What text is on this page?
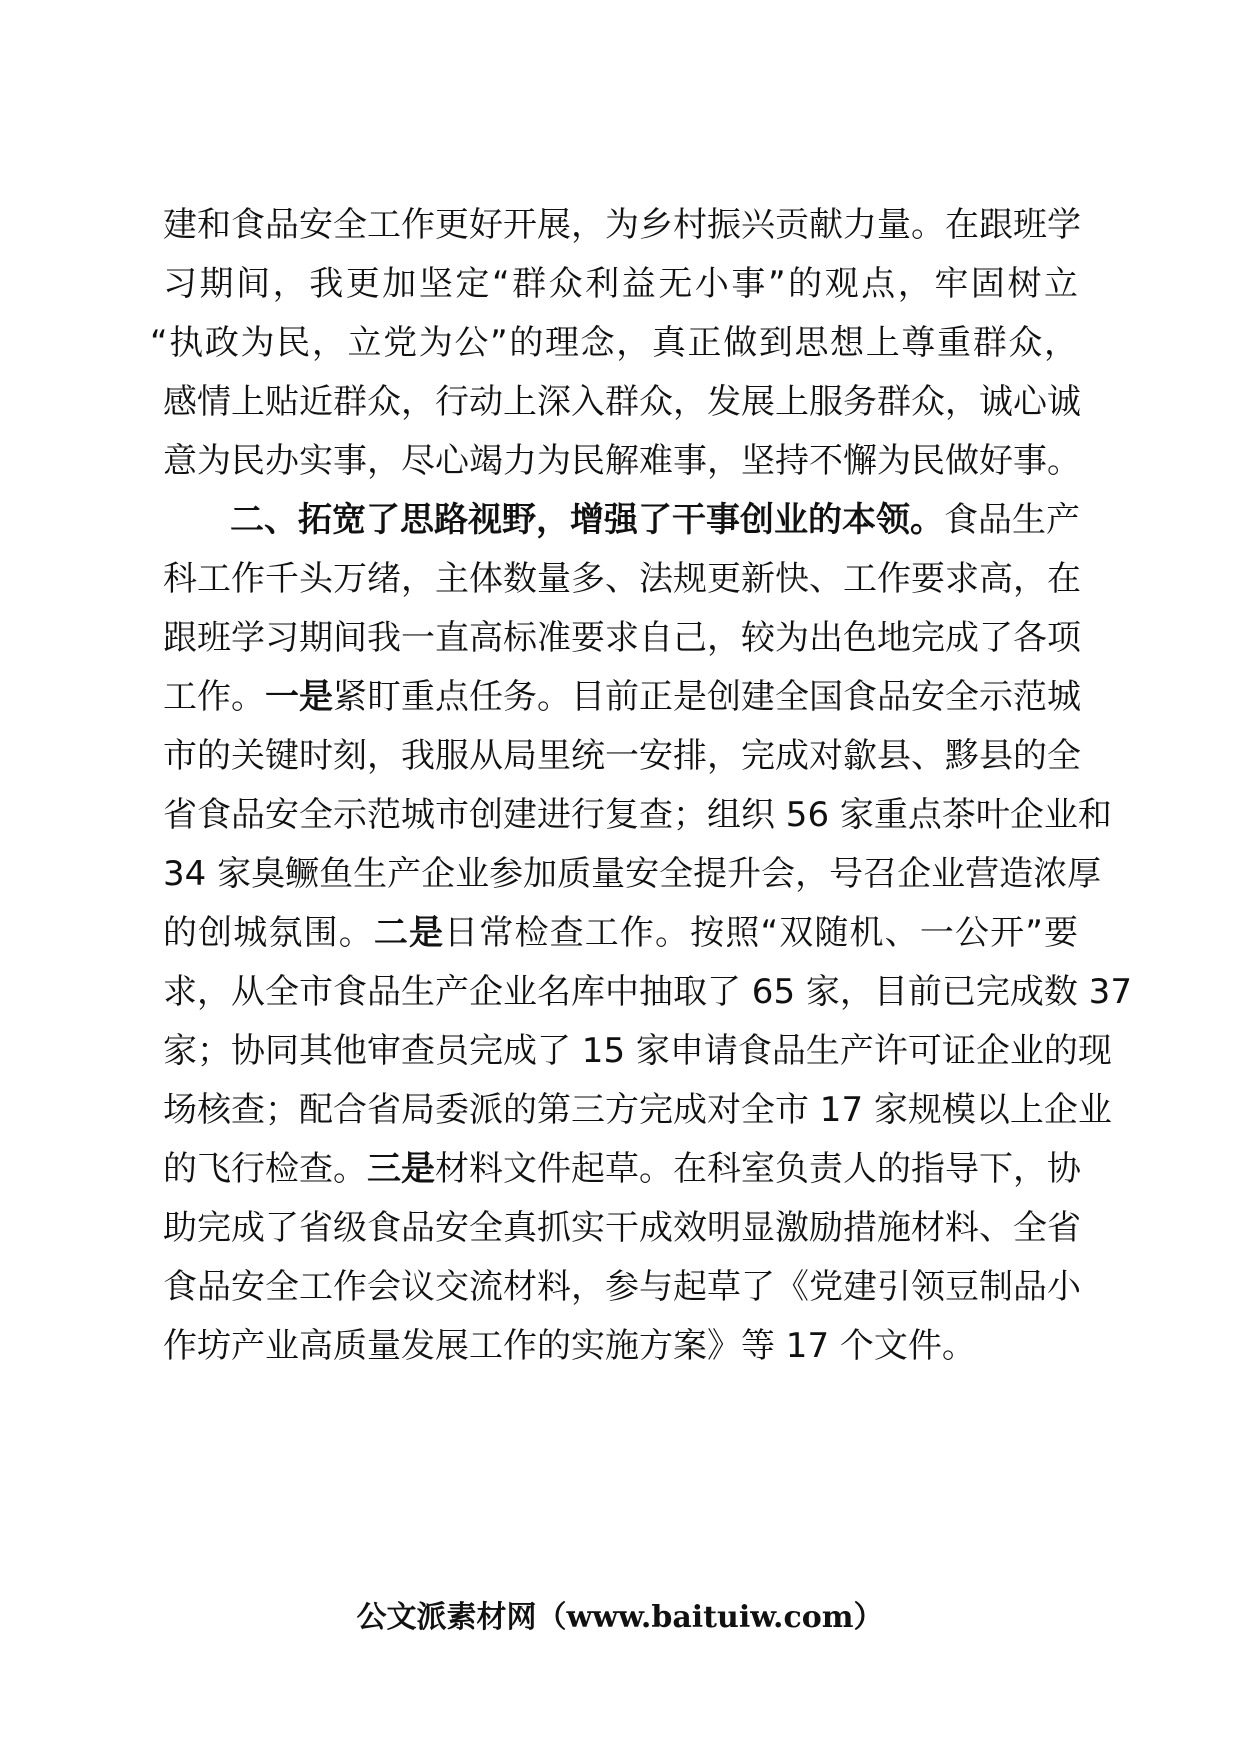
建和食品安全工作更好开展，为乡村振兴贡献力量。在跟班学
习期间，我更加坚定“群众利益无小事”的观点，牢固树立
“执政为民，立党为公”的理念，真正做到思想上尊重群众，
感情上贴近群众，行动上深入群众，发展上服务群众，诚心诚
意为民办实事，尽心竭力为民解难事，坚持不懈为民做好事。
二、拓宽了思路视野，增强了干事创业的本领。食品生产
科工作千头万绪，主体数量多、法规更新快、工作要求高，在
跟班学习期间我一直高标准要求自己，较为出色地完成了各项
工作。一是紧盯重点任务。目前正是创建全国食品安全示范城
市的关键时刻，我服从局里统一安排，完成对歙县、黟县的全
省食品安全示范城市创建进行复查；组织 56 家重点茶叶企业和
34 家臭鳜鱼生产企业参加质量安全提升会，号召企业营造浓厚
的创城氛围。二是日常检查工作。按照“双随机、一公开”要
求，从全市食品生产企业名库中抽取了 65 家，目前已完成数 37
家；协同其他审查员完成了 15 家申请食品生产许可证企业的现
场核查；配合省局委派的第三方完成对全市 17 家规模以上企业
的飞行检查。三是材料文件起草。在科室负责人的指导下，协
助完成了省级食品安全真抓实干成效明显激励措施材料、全省
食品安全工作会议交流材料，参与起草了《党建引领豆制品小
作坊产业高质量发展工作的实施方案》等 17 个文件。
公文派素材网（www.baituiw.com）
